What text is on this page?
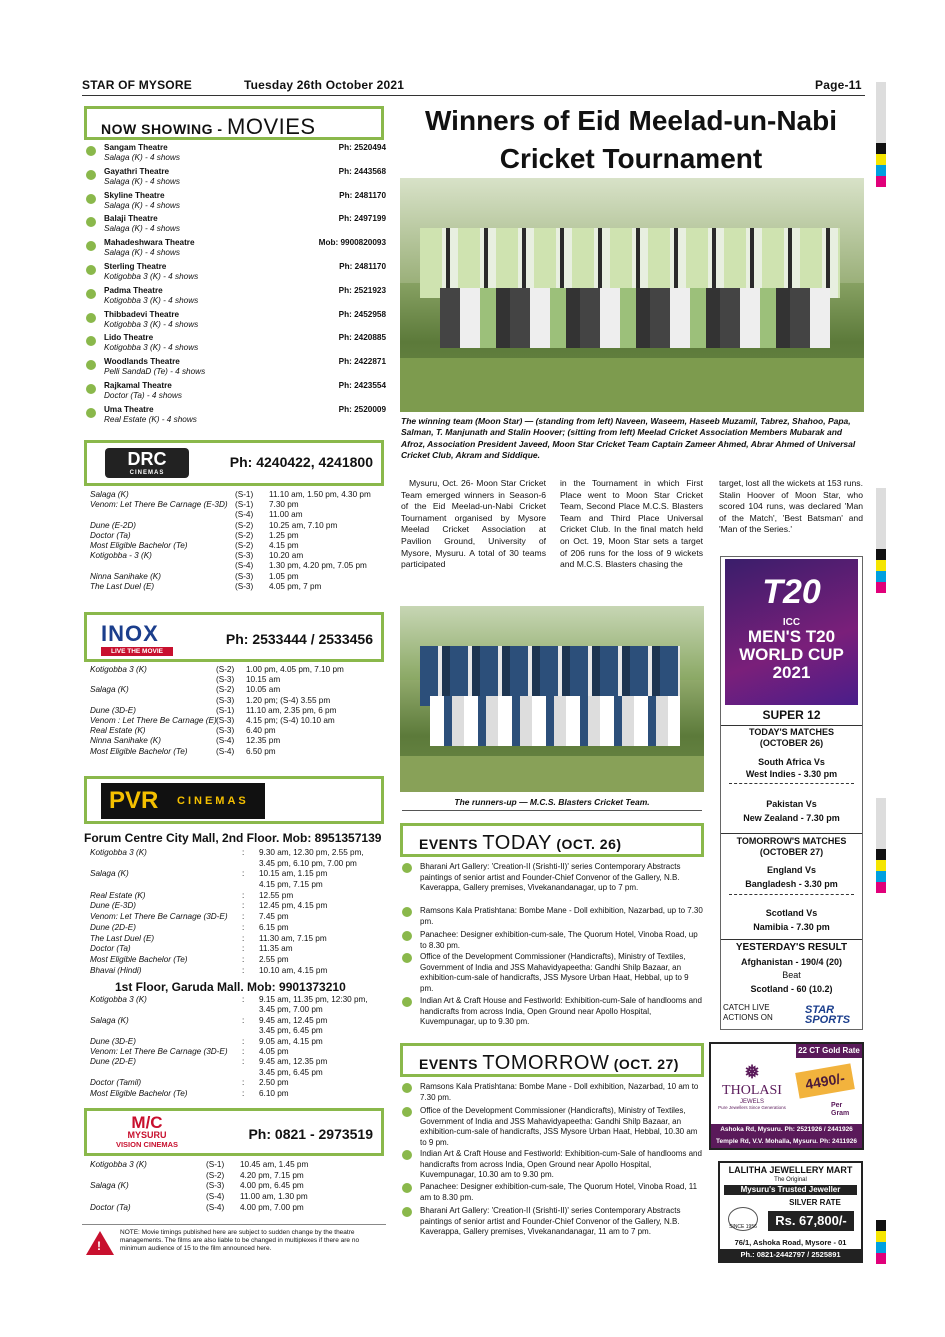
STAR OF MYSORE	Tuesday 26th October 2021	Page-11
NOW SHOWING - MOVIES
Sangam Theatre	Ph: 2520494
Salaga (K) - 4 shows
Gayathri Theatre	Ph: 2443568
Salaga (K) - 4 shows
Skyline Theatre	Ph: 2481170
Salaga (K) - 4 shows
Balaji Theatre	Ph: 2497199
Salaga (K) - 4 shows
Mahadeshwara Theatre	Mob: 9900820093
Salaga (K) - 4 shows
Sterling Theatre	Ph: 2481170
Kotigobba 3 (K) - 4 shows
Padma Theatre	Ph: 2521923
Kotigobba 3 (K) - 4 shows
Thibbadevi Theatre	Ph: 2452958
Kotigobba 3 (K) - 4 shows
Lido Theatre	Ph: 2420885
Kotigobba 3 (K) - 4 shows
Woodlands Theatre	Ph: 2422871
Pelli SandaD (Te) - 4 shows
Rajkamal Theatre	Ph: 2423554
Doctor (Ta) - 4 shows
Uma Theatre	Ph: 2520009
Real Estate (K) - 4 shows
DRC
CINEMAS
Ph: 4240422, 4241800
Salaga (K)	(S-1) 11.10 am, 1.50 pm, 4.30 pm
Venom: Let There Be Carnage (E-3D) (S-1) 7.30 pm
(S-4) 11.00 am
Dune (E-2D)	(S-2) 10.25 am, 7.10 pm
Doctor (Ta)	(S-2) 1.25 pm
Most Eligible Bachelor (Te)	(S-2) 4.15 pm
Kotigobba - 3 (K)	(S-3) 10.20 am
(S-4) 1.30 pm, 4.20 pm, 7.05 pm
Ninna Sanihake (K)	(S-3) 1.05 pm
The Last Duel (E)	(S-3) 4.05 pm, 7 pm
INOX
LIVE THE MOVIE
Ph: 2533444 / 2533456
Kotigobba 3 (K)	(S-2) 1.00 pm, 4.05 pm, 7.10 pm
(S-3) 10.15 am
Salaga (K)	(S-2) 10.05 am
(S-3) 1.20 pm; (S-4) 3.55 pm
Dune (3D-E)	(S-1) 11.10 am, 2.35 pm, 6 pm
Venom : Let There Be Carnage (E) (S-3) 4.15 pm; (S-4) 10.10 am
Real Estate (K)	(S-3) 6.40 pm
Ninna Sanihake (K)	(S-4) 12.35 pm
Most Eligible Bachelor (Te)	(S-4) 6.50 pm
PVR CINEMAS
Forum Centre City Mall, 2nd Floor. Mob: 8951357139
Kotigobba 3 (K)	: 9.30 am, 12.30 pm, 2.55 pm,
3.45 pm, 6.10 pm, 7.00 pm
Salaga (K)	: 10.15 am, 1.15 pm
4.15 pm, 7.15 pm
Real Estate (K)	: 12.55 pm
Dune (E-3D)	: 12.45 pm, 4.15 pm
Venom: Let There Be Carnage (3D-E) : 7.45 pm
Dune (2D-E)	: 6.15 pm
The Last Duel (E)	: 11.30 am, 7.15 pm
Doctor (Ta)	: 11.35 am
Most Eligible Bachelor (Te)	: 2.55 pm
Bhavai (Hindi)	: 10.10 am, 4.15 pm
1st Floor, Garuda Mall. Mob: 9901373210
Kotigobba 3 (K)	: 9.15 am, 11.35 pm, 12:30 pm,
3.45 pm, 7.00 pm
Salaga (K)	: 9.45 am, 12.45 pm
3.45 pm, 6.45 pm
Dune (3D-E)	: 9.05 am, 4.15 pm
Venom: Let There Be Carnage (3D-E) : 4.05 pm
Dune (2D-E)	: 9.45 am, 12.35 pm
3.45 pm, 6.45 pm
Doctor (Tamil)	: 2.50 pm
Most Eligible Bachelor (Te)	: 6.10 pm
M/C
MYSURU
VISION CINEMAS
Ph: 0821 - 2973519
Kotigobba 3 (K)	(S-1) 10.45 am, 1.45 pm
(S-2) 4.20 pm, 7.15 pm
Salaga (K)	(S-3) 4.00 pm, 6.45 pm
(S-4) 11.00 am, 1.30 pm
Doctor (Ta)	(S-4) 4.00 pm, 7.00 pm
!
NOTE: Movie timings published here are subject to sudden change by the theatre managements. The films are also liable to be changed in multiplexes if there are no minimum audience of 15 to the film announced here.
Winners of Eid Meelad-un-Nabi
Cricket Tournament
The winning team (Moon Star) — (standing from left) Naveen, Waseem, Haseeb Muzamil, Tabrez, Shahoo, Papa, Salman, T. Manjunath and Stalin Hoover; (sitting from left) Meelad Cricket Association Members Mubarak and Afroz, Association President Javeed, Moon Star Cricket Team Captain Zameer Ahmed, Abrar Ahmed of Universal Cricket Club, Akram and Siddique.
Mysuru, Oct. 26- Moon Star Cricket Team emerged winners in Season-6 of the Eid Meelad-un-Nabi Cricket Tournament organised by Mysore Meelad Cricket Association at Pavilion Ground, University of Mysore, Mysuru. A total of 30 teams participated
in the Tournament in which First Place went to Moon Star Cricket Team, Second Place M.C.S. Blasters Team and Third Place Universal Cricket Club. In the final match held on Oct. 19, Moon Star sets a target of 206 runs for the loss of 9 wickets and M.C.S. Blasters chasing the
target, lost all the wickets at 153 runs. Stalin Hoover of Moon Star, who scored 104 runs, was declared 'Man of the Match', 'Best Batsman' and 'Man of the Series.'
The runners-up — M.C.S. Blasters Cricket Team.
EVENTS TODAY (OCT. 26)
Bharani Art Gallery: 'Creation-II (Srishti-II)' series Contemporary Abstracts paintings of senior artist and Founder-Chief Convenor of the Gallery, N.B. Kaverappa, Gallery premises, Vivekanandanagar, up to 7 pm.
Ramsons Kala Pratishtana: Bombe Mane - Doll exhibition, Nazarbad, up to 7.30 pm.
Panachee: Designer exhibition-cum-sale, The Quorum Hotel, Vinoba Road, up to 8.30 pm.
Office of the Development Commissioner (Handicrafts), Ministry of Textiles, Government of India and JSS Mahavidyapeetha: Gandhi Shilp Bazaar, an exhibition-cum-sale of handicrafts, JSS Mysore Urban Haat, Hebbal, up to 9 pm.
Indian Art & Craft House and Festiworld: Exhibition-cum-Sale of handlooms and handicrafts from across India, Open Ground near Apollo Hospital, Kuvempunagar, up to 9.30 pm.
EVENTS TOMORROW (OCT. 27)
Ramsons Kala Pratishtana: Bombe Mane - Doll exhibition, Nazarbad, 10 am to 7.30 pm.
Office of the Development Commissioner (Handicrafts), Ministry of Textiles, Government of India and JSS Mahavidyapeetha: Gandhi Shilp Bazaar, an exhibition-cum-sale of handicrafts, JSS Mysore Urban Haat, Hebbal, 10.30 am to 9 pm.
Indian Art & Craft House and Festiworld: Exhibition-cum-Sale of handlooms and handicrafts from across India, Open Ground near Apollo Hospital, Kuvempunagar, 10.30 am to 9.30 pm.
Panachee: Designer exhibition-cum-sale, The Quorum Hotel, Vinoba Road, 11 am to 8.30 pm.
Bharani Art Gallery: 'Creation-II (Srishti-II)' series Contemporary Abstracts paintings of senior artist and Founder-Chief Convenor of the Gallery, N.B. Kaverappa, Gallery premises, Vivekanandanagar, 11 am to 7 pm.
T20
ICC
MEN'S T20
WORLD CUP
2021
SUPER 12
TODAY'S MATCHES
(OCTOBER 26)
South Africa Vs
West Indies - 3.30 pm
Pakistan Vs
New Zealand - 7.30 pm
TOMORROW'S MATCHES
(OCTOBER 27)
England Vs
Bangladesh - 3.30 pm
Scotland Vs
Namibia - 7.30 pm
YESTERDAY'S RESULT
Afghanistan - 190/4 (20)
Beat
Scotland - 60 (10.2)
CATCH LIVE ACTIONS ON
STAR SPORTS
22 CT Gold Rate
❅
THOLASI
JEWELS
Pure Jewellers Since Generations
4490/-
Per Gram
Ashoka Rd, Mysuru. Ph: 2521926 / 2441926
Temple Rd, V.V. Mohalla, Mysuru. Ph: 2411926
LALITHA JEWELLERY MART
The Original
Mysuru's Trusted Jeweller
SILVER RATE
SINCE 1956	Rs. 67,800/-
76/1, Ashoka Road, Mysore - 01
Ph.: 0821-2442797 / 2525891
